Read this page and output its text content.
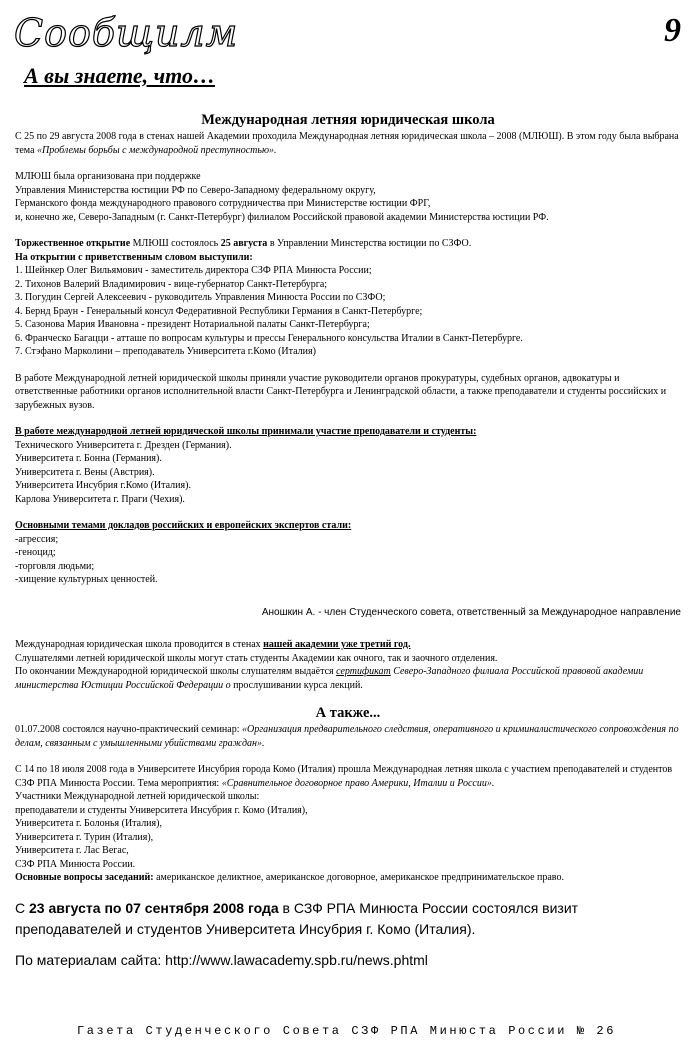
Сообщилм	9
А вы знаете, что…

Международная летняя юридическая школа

С 25 по 29 августа 2008 года в стенах нашей Академии проходила Международная летняя юридическая школа – 2008 (МЛЮШ). В этом году была выбрана тема «Проблемы борьбы с международной преступностью».

МЛЮШ была организована при поддержке

Управления Министерства юстиции РФ по Северо-Западному федеральному округу,

Германского фонда международного правового сотрудничества при Министерстве юстиции ФРГ,

и, конечно же, Северо-Западным (г. Санкт-Петербург) филиалом Российской правовой академии Министерства юстиции РФ.

Торжественное открытие МЛЮШ состоялось 25 августа в Управлении Минстерства юстиции по СЗФО.

На открытии с приветственным словом выступили:

1. Шейнкер Олег Вильямович - заместитель директора СЗФ РПА Минюста России;

2. Тихонов Валерий Владимирович - вице-губернатор Санкт-Петербурга;

3. Погудин Сергей Алексеевич - руководитель Управления Минюста России по СЗФО;

4. Бернд Браун - Генеральный консул Федеративной Республики Германия в Санкт-Петербурге;

5. Сазонова Мария Ивановна - президент Нотариальной палаты Санкт-Петербурга;

6. Франческо Багацци - атташе по вопросам культуры и прессы Генерального консульства Италии в Санкт-Петербурге.

7. Стэфано Марколини – преподаватель Университета г.Комо (Италия)

В работе Международной летней юридической школы приняли участие руководители органов прокуратуры, судебных органов, адвокатуры и ответственные работники органов исполнительной власти Санкт-Петербурга и Ленинградской области, а также преподаватели и студенты российских и зарубежных вузов.

В работе международной летней юридической школы принимали участие преподаватели и студенты:

Технического Университета г. Дрезден (Германия).

Университета г. Бонна (Германия).

Университета г. Вены (Австрия).

Университета Инсубрия г.Комо (Италия).

Карлова Университета г. Праги (Чехия).

Основными темами докладов российских и европейских экспертов стали:

-агрессия;

-геноцид;

-торговля людьми;

-хищение культурных ценностей.

Аношкин А. - член Студенческого совета, ответственный за Международное направление

Международная юридическая школа проводится в стенах нашей академии уже третий год.

Слушателями летней юридической школы могут стать студенты Академии как очного, так и заочного отделения.

По окончании Международной юридической школы слушателям выдаётся сертификат Северо-Западного филиала Российской правовой академии министерства Юстиции Российской Федерации о прослушивании курса лекций.

А также...

01.07.2008 состоялся научно-практический семинар: «Организация предварительного следствия, оперативного и криминалистического сопровождения по делам, связанным с умышленными убийствами граждан».

С 14 по 18 июля 2008 года в Университете Инсубрия города Комо (Италия) прошла Международная летняя школа с участием преподавателей и студентов СЗФ РПА Минюста России. Тема мероприятия: «Сравнительное договорное право Америки, Италии и России».

Участники Международной летней юридической школы:

преподаватели и студенты Университета Инсубрия г. Комо (Италия),

Университета г. Болонья (Италия),

Университета г. Турин (Италия),

Университета г. Лас Вегас,

СЗФ РПА Минюста России.

Основные вопросы заседаний: американское деликтное, американское договорное, американское предпринимательское право.

С 23 августа по 07 сентября 2008 года в СЗФ РПА Минюста России состоялся визит преподавателей и студентов Университета Инсубрия г. Комо (Италия).

По материалам сайта: http://www.lawacademy.spb.ru/news.phtml

Газета Студенческого Совета СЗФ РПА Минюста России № 26
